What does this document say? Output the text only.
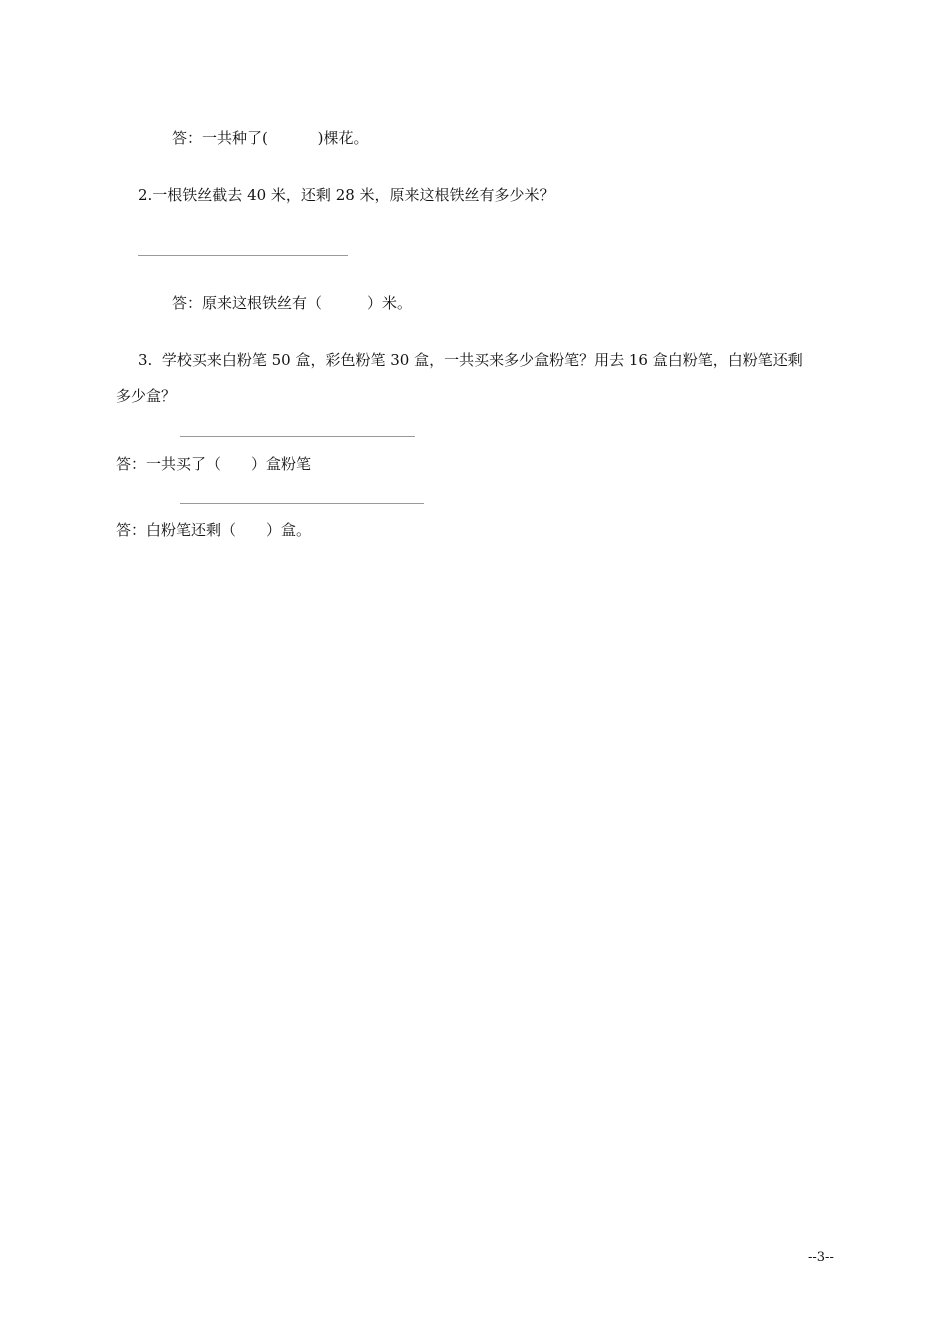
答：一共种了(　　　 )棵花。
2.一根铁丝截去 40 米，还剩 28 米，原来这根铁丝有多少米？
答：原来这根铁丝有（　　　）米。
3.  学校买来白粉笔 50 盒，彩色粉笔 30 盒，一共买来多少盒粉笔？用去 16 盒白粉笔，白粉笔还剩
多少盒？
答：一共买了（　　）盒粉笔
答：白粉笔还剩（　　）盒。
--3--
